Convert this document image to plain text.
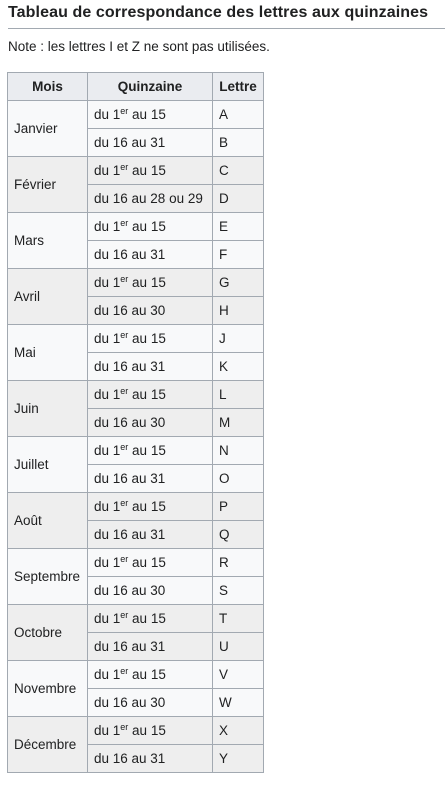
Tableau de correspondance des lettres aux quinzaines
Note : les lettres I et Z ne sont pas utilisées.
Mois	Quinzaine	Lettre
Janvier	du 1er au 15	A
	du 16 au 31	B
Février	du 1er au 15	C
	du 16 au 28 ou 29	D
Mars	du 1er au 15	E
	du 16 au 31	F
Avril	du 1er au 15	G
	du 16 au 30	H
Mai	du 1er au 15	J
	du 16 au 31	K
Juin	du 1er au 15	L
	du 16 au 30	M
Juillet	du 1er au 15	N
	du 16 au 31	O
Août	du 1er au 15	P
	du 16 au 31	Q
Septembre	du 1er au 15	R
	du 16 au 30	S
Octobre	du 1er au 15	T
	du 16 au 31	U
Novembre	du 1er au 15	V
	du 16 au 30	W
Décembre	du 1er au 15	X
	du 16 au 31	Y
